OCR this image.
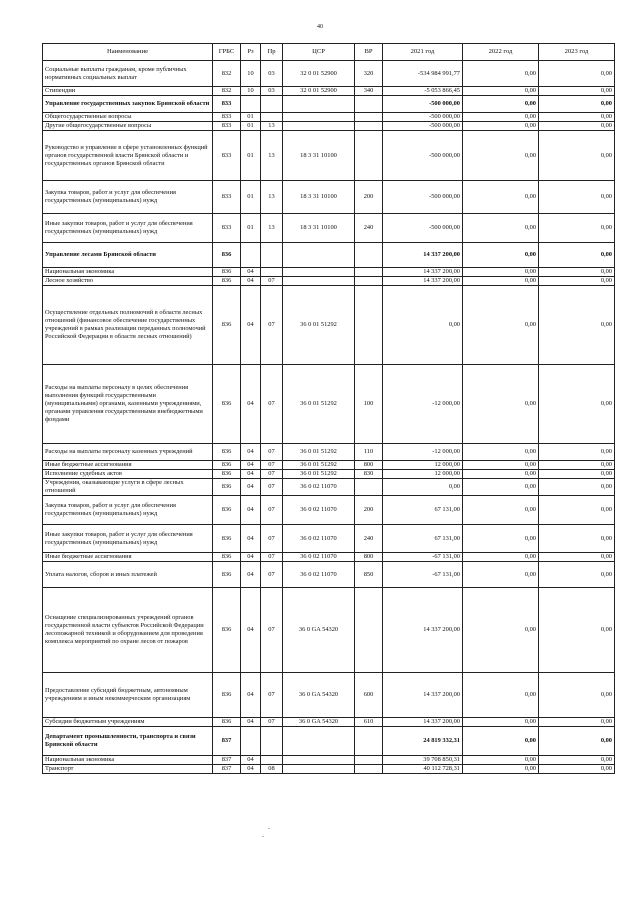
40
Наименование	ГРБС	Рз	Пр	ЦСР	ВР	2021 год	2022 год	2023 год
Социальные выплаты гражданам, кроме публичных нормативных социальных выплат	832	10	03	32 0 01 52900	320	-534 984 991,77	0,00	0,00
Стипендии	832	10	03	32 0 01 52900	340	-5 053 866,45	0,00	0,00
Управление государственных закупок Брянской области	833					-500 000,00	0,00	0,00
Общегосударственные вопросы	833	01				-500 000,00	0,00	0,00
Другие общегосударственные вопросы	833	01	13			-500 000,00	0,00	0,00
Руководство и управление в сфере установленных функций органов государственной власти Брянской области и государственных органов Брянской области	833	01	13	18 3 31 10100		-500 000,00	0,00	0,00
Закупка товаров, работ и услуг для обеспечения государственных (муниципальных) нужд	833	01	13	18 3 31 10100	200	-500 000,00	0,00	0,00
Иные закупки товаров, работ и услуг для обеспечения государственных (муниципальных) нужд	833	01	13	18 3 31 10100	240	-500 000,00	0,00	0,00
Управление лесами Брянской области	836					14 337 200,00	0,00	0,00
Национальная экономика	836	04				14 337 200,00	0,00	0,00
Лесное хозяйство	836	04	07			14 337 200,00	0,00	0,00
Осуществление отдельных полномочий в области лесных отношений (финансовое обеспечение государственных учреждений в рамках реализации переданных полномочий Российской Федерации в области лесных отношений)	836	04	07	36 0 01 51292		0,00	0,00	0,00
Расходы на выплаты персоналу в целях обеспечения выполнения функций государственными (муниципальными) органами, казенными учреждениями, органами управления государственными внебюджетными фондами	836	04	07	36 0 01 51292	100	-12 000,00	0,00	0,00
Расходы на выплаты персоналу казенных учреждений	836	04	07	36 0 01 51292	110	-12 000,00	0,00	0,00
Иные бюджетные ассигнования	836	04	07	36 0 01 51292	800	12 000,00	0,00	0,00
Исполнение судебных актов	836	04	07	36 0 01 51292	830	12 000,00	0,00	0,00
Учреждения, оказывающие услуги в сфере лесных отношений	836	04	07	36 0 02 11070		0,00	0,00	0,00
Закупка товаров, работ и услуг для обеспечения государственных (муниципальных) нужд	836	04	07	36 0 02 11070	200	67 131,00	0,00	0,00
Иные закупки товаров, работ и услуг для обеспечения государственных (муниципальных) нужд	836	04	07	36 0 02 11070	240	67 131,00	0,00	0,00
Иные бюджетные ассигнования	836	04	07	36 0 02 11070	800	-67 131,00	0,00	0,00
Уплата налогов, сборов и иных платежей	836	04	07	36 0 02 11070	850	-67 131,00	0,00	0,00
Оснащение специализированных учреждений органов государственной власти субъектов Российской Федерации лесопожарной техникой и оборудованием для проведения комплекса мероприятий по охране лесов от пожаров	836	04	07	36 0 GA 54320		14 337 200,00	0,00	0,00
Предоставление субсидий бюджетным, автономным учреждениям и иным некоммерческим организациям	836	04	07	36 0 GA 54320	600	14 337 200,00	0,00	0,00
Субсидии бюджетным учреждениям	836	04	07	36 0 GA 54320	610	14 337 200,00	0,00	0,00
Департамент промышленности, транспорта и связи Брянской области	837					24 819 332,31	0,00	0,00
Национальная экономика	837	04				39 708 850,31	0,00	0,00
Транспорт	837	04	08			40 112 728,31	0,00	0,00
